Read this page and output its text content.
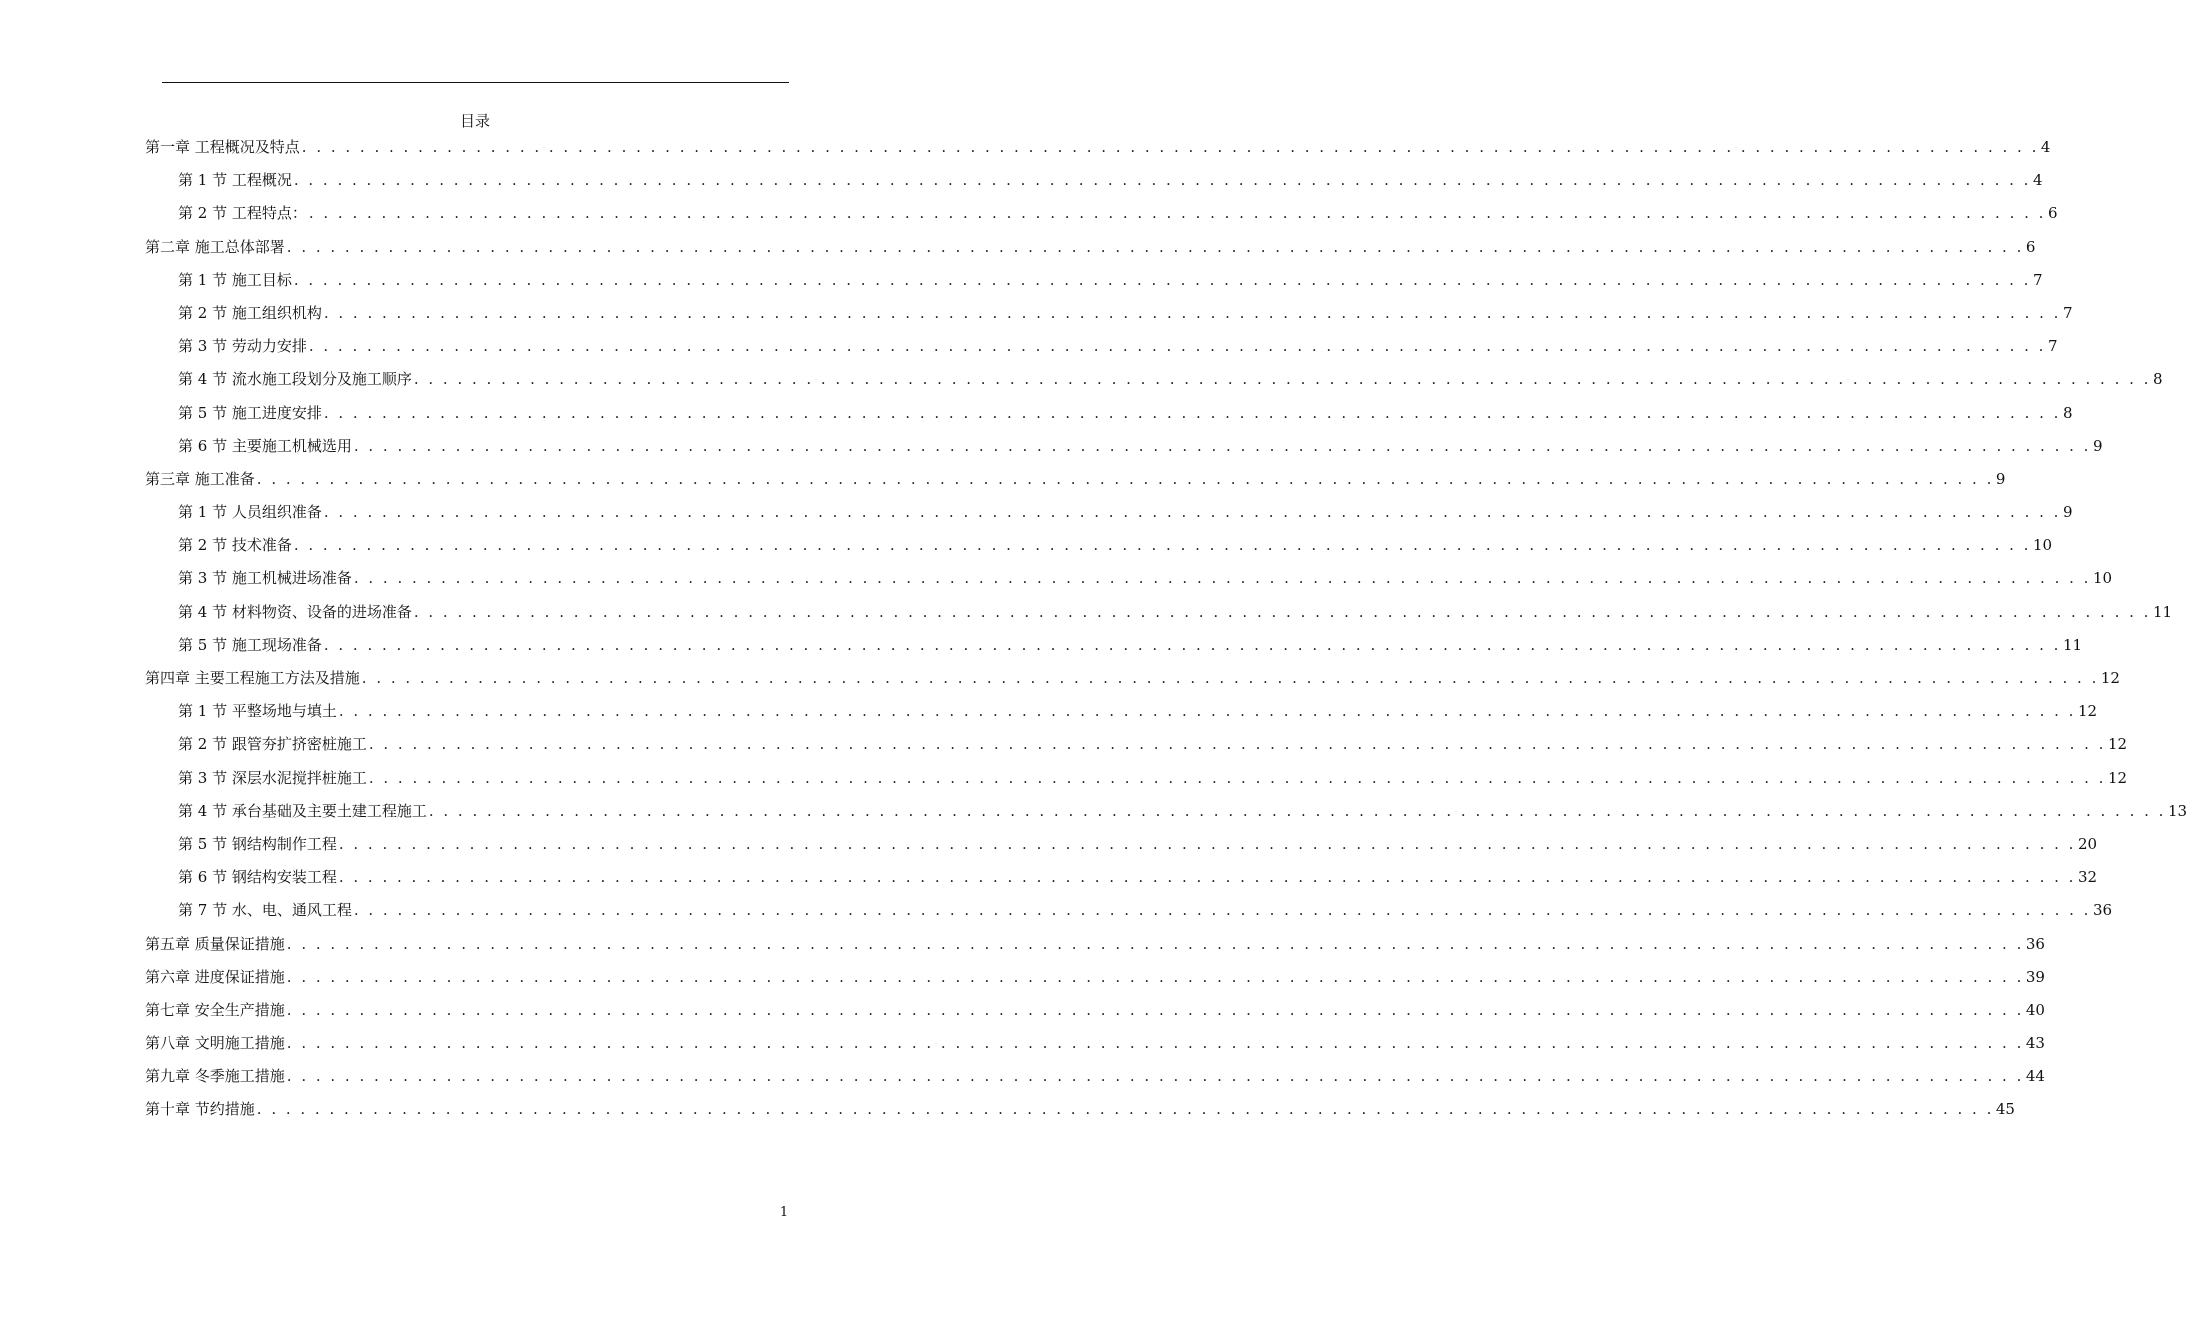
目录
第一章 工程概况及特点 . . . . . . . . . . . . . . . . . . . . . . . . . . . . . . . . . . . . . . . . . . . . . . . . . . . . . . . . . . . . . . . . . . . . . . . . . . . . . . . . . . . . . . . . . . . . . . . . . . . . . . . . . . . . . . . . . . . . . . . . 4
第 1 节 工程概况 . . . . . . . . . . . . . . . . . . . . . . . . . . . . . . . . . . . . . . . . . . . . . . . . . . . . . . . . . . . . . . . . . . . . . . . . . . . . . . . . . . . . . . . . . . . . . . . . . . . . . . . . . . . . . . . . . . . . . . . . 4
第 2 节 工程特点： . . . . . . . . . . . . . . . . . . . . . . . . . . . . . . . . . . . . . . . . . . . . . . . . . . . . . . . . . . . . . . . . . . . . . . . . . . . . . . . . . . . . . . . . . . . . . . . . . . . . . . . . . . . . . . . . . . . . . . . . 6
第二章 施工总体部署 . . . . . . . . . . . . . . . . . . . . . . . . . . . . . . . . . . . . . . . . . . . . . . . . . . . . . . . . . . . . . . . . . . . . . . . . . . . . . . . . . . . . . . . . . . . . . . . . . . . . . . . . . . . . . . . . . . . . . . . . 6
第 1 节 施工目标 . . . . . . . . . . . . . . . . . . . . . . . . . . . . . . . . . . . . . . . . . . . . . . . . . . . . . . . . . . . . . . . . . . . . . . . . . . . . . . . . . . . . . . . . . . . . . . . . . . . . . . . . . . . . . . . . . . . . . . . . 7
第 2 节 施工组织机构 . . . . . . . . . . . . . . . . . . . . . . . . . . . . . . . . . . . . . . . . . . . . . . . . . . . . . . . . . . . . . . . . . . . . . . . . . . . . . . . . . . . . . . . . . . . . . . . . . . . . . . . . . . . . . . . . . . . . . . . . 7
第 3 节 劳动力安排 . . . . . . . . . . . . . . . . . . . . . . . . . . . . . . . . . . . . . . . . . . . . . . . . . . . . . . . . . . . . . . . . . . . . . . . . . . . . . . . . . . . . . . . . . . . . . . . . . . . . . . . . . . . . . . . . . . . . . . . . 7
第 4 节 流水施工段划分及施工顺序 . . . . . . . . . . . . . . . . . . . . . . . . . . . . . . . . . . . . . . . . . . . . . . . . . . . . . . . . . . . . . . . . . . . . . . . . . . . . . . . . . . . . . . . . . . . . . . . . . . . . . . . . . . . . . . . . . . . . . . . . 8
第 5 节 施工进度安排 . . . . . . . . . . . . . . . . . . . . . . . . . . . . . . . . . . . . . . . . . . . . . . . . . . . . . . . . . . . . . . . . . . . . . . . . . . . . . . . . . . . . . . . . . . . . . . . . . . . . . . . . . . . . . . . . . . . . . . . . 8
第 6 节 主要施工机械选用 . . . . . . . . . . . . . . . . . . . . . . . . . . . . . . . . . . . . . . . . . . . . . . . . . . . . . . . . . . . . . . . . . . . . . . . . . . . . . . . . . . . . . . . . . . . . . . . . . . . . . . . . . . . . . . . . . . . . . . . . 9
第三章 施工准备 . . . . . . . . . . . . . . . . . . . . . . . . . . . . . . . . . . . . . . . . . . . . . . . . . . . . . . . . . . . . . . . . . . . . . . . . . . . . . . . . . . . . . . . . . . . . . . . . . . . . . . . . . . . . . . . . . . . . . . . . 9
第 1 节 人员组织准备 . . . . . . . . . . . . . . . . . . . . . . . . . . . . . . . . . . . . . . . . . . . . . . . . . . . . . . . . . . . . . . . . . . . . . . . . . . . . . . . . . . . . . . . . . . . . . . . . . . . . . . . . . . . . . . . . . . . . . . . . 9
第 2 节 技术准备 . . . . . . . . . . . . . . . . . . . . . . . . . . . . . . . . . . . . . . . . . . . . . . . . . . . . . . . . . . . . . . . . . . . . . . . . . . . . . . . . . . . . . . . . . . . . . . . . . . . . . . . . . . . . . . . . . . . . . . . . 10
第 3 节 施工机械进场准备 . . . . . . . . . . . . . . . . . . . . . . . . . . . . . . . . . . . . . . . . . . . . . . . . . . . . . . . . . . . . . . . . . . . . . . . . . . . . . . . . . . . . . . . . . . . . . . . . . . . . . . . . . . . . . . . . . . . . . . . . 10
第 4 节 材料物资、设备的进场准备 . . . . . . . . . . . . . . . . . . . . . . . . . . . . . . . . . . . . . . . . . . . . . . . . . . . . . . . . . . . . . . . . . . . . . . . . . . . . . . . . . . . . . . . . . . . . . . . . . . . . . . . . . . . . . . . . . . . . . . . . 11
第 5 节 施工现场准备 . . . . . . . . . . . . . . . . . . . . . . . . . . . . . . . . . . . . . . . . . . . . . . . . . . . . . . . . . . . . . . . . . . . . . . . . . . . . . . . . . . . . . . . . . . . . . . . . . . . . . . . . . . . . . . . . . . . . . . . . 11
第四章 主要工程施工方法及措施 . . . . . . . . . . . . . . . . . . . . . . . . . . . . . . . . . . . . . . . . . . . . . . . . . . . . . . . . . . . . . . . . . . . . . . . . . . . . . . . . . . . . . . . . . . . . . . . . . . . . . . . . . . . . . . . . . . . . . . . . 12
第 1 节 平整场地与填土 . . . . . . . . . . . . . . . . . . . . . . . . . . . . . . . . . . . . . . . . . . . . . . . . . . . . . . . . . . . . . . . . . . . . . . . . . . . . . . . . . . . . . . . . . . . . . . . . . . . . . . . . . . . . . . . . . . . . . . . . 12
第 2 节 跟管夯扩挤密桩施工 . . . . . . . . . . . . . . . . . . . . . . . . . . . . . . . . . . . . . . . . . . . . . . . . . . . . . . . . . . . . . . . . . . . . . . . . . . . . . . . . . . . . . . . . . . . . . . . . . . . . . . . . . . . . . . . . . . . . . . . . 12
第 3 节 深层水泥搅拌桩施工 . . . . . . . . . . . . . . . . . . . . . . . . . . . . . . . . . . . . . . . . . . . . . . . . . . . . . . . . . . . . . . . . . . . . . . . . . . . . . . . . . . . . . . . . . . . . . . . . . . . . . . . . . . . . . . . . . . . . . . . . 12
第 4 节 承台基础及主要土建工程施工 . . . . . . . . . . . . . . . . . . . . . . . . . . . . . . . . . . . . . . . . . . . . . . . . . . . . . . . . . . . . . . . . . . . . . . . . . . . . . . . . . . . . . . . . . . . . . . . . . . . . . . . . . . . . . . . . . . . . . . . . 13
第 5 节 钢结构制作工程 . . . . . . . . . . . . . . . . . . . . . . . . . . . . . . . . . . . . . . . . . . . . . . . . . . . . . . . . . . . . . . . . . . . . . . . . . . . . . . . . . . . . . . . . . . . . . . . . . . . . . . . . . . . . . . . . . . . . . . . . 20
第 6 节 钢结构安装工程 . . . . . . . . . . . . . . . . . . . . . . . . . . . . . . . . . . . . . . . . . . . . . . . . . . . . . . . . . . . . . . . . . . . . . . . . . . . . . . . . . . . . . . . . . . . . . . . . . . . . . . . . . . . . . . . . . . . . . . . . 32
第 7 节 水、电、通风工程 . . . . . . . . . . . . . . . . . . . . . . . . . . . . . . . . . . . . . . . . . . . . . . . . . . . . . . . . . . . . . . . . . . . . . . . . . . . . . . . . . . . . . . . . . . . . . . . . . . . . . . . . . . . . . . . . . . . . . . . . 36
第五章 质量保证措施 . . . . . . . . . . . . . . . . . . . . . . . . . . . . . . . . . . . . . . . . . . . . . . . . . . . . . . . . . . . . . . . . . . . . . . . . . . . . . . . . . . . . . . . . . . . . . . . . . . . . . . . . . . . . . . . . . . . . . . . . 36
第六章 进度保证措施 . . . . . . . . . . . . . . . . . . . . . . . . . . . . . . . . . . . . . . . . . . . . . . . . . . . . . . . . . . . . . . . . . . . . . . . . . . . . . . . . . . . . . . . . . . . . . . . . . . . . . . . . . . . . . . . . . . . . . . . . 39
第七章 安全生产措施 . . . . . . . . . . . . . . . . . . . . . . . . . . . . . . . . . . . . . . . . . . . . . . . . . . . . . . . . . . . . . . . . . . . . . . . . . . . . . . . . . . . . . . . . . . . . . . . . . . . . . . . . . . . . . . . . . . . . . . . . 40
第八章 文明施工措施 . . . . . . . . . . . . . . . . . . . . . . . . . . . . . . . . . . . . . . . . . . . . . . . . . . . . . . . . . . . . . . . . . . . . . . . . . . . . . . . . . . . . . . . . . . . . . . . . . . . . . . . . . . . . . . . . . . . . . . . . 43
第九章 冬季施工措施 . . . . . . . . . . . . . . . . . . . . . . . . . . . . . . . . . . . . . . . . . . . . . . . . . . . . . . . . . . . . . . . . . . . . . . . . . . . . . . . . . . . . . . . . . . . . . . . . . . . . . . . . . . . . . . . . . . . . . . . . 44
第十章 节约措施 . . . . . . . . . . . . . . . . . . . . . . . . . . . . . . . . . . . . . . . . . . . . . . . . . . . . . . . . . . . . . . . . . . . . . . . . . . . . . . . . . . . . . . . . . . . . . . . . . . . . . . . . . . . . . . . . . . . . . . . . 45
1
